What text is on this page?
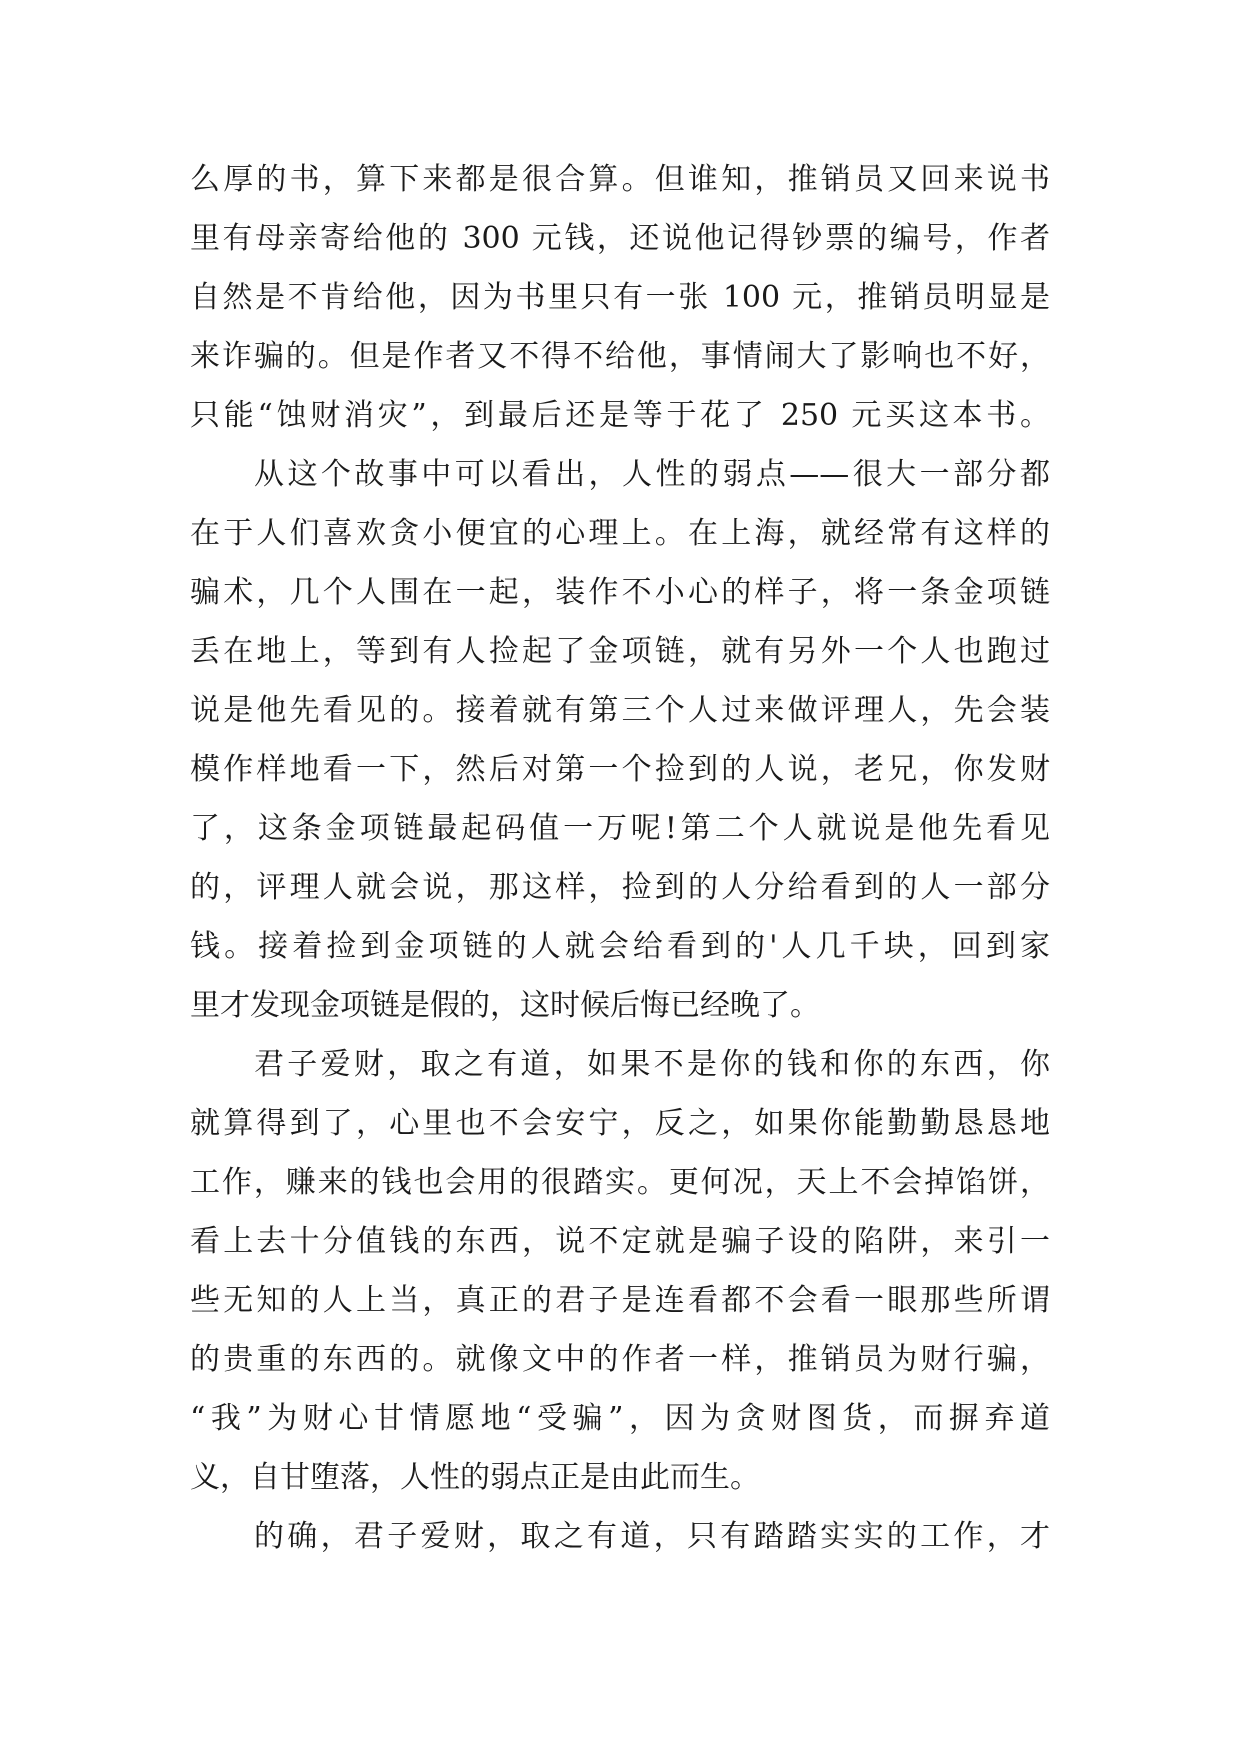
么厚的书，算下来都是很合算。但谁知，推销员又回来说书
里有母亲寄给他的 300 元钱，还说他记得钞票的编号，作者
自然是不肯给他，因为书里只有一张 100 元，推销员明显是
来诈骗的。但是作者又不得不给他，事情闹大了影响也不好，
只能“蚀财消灾”，到最后还是等于花了 250 元买这本书。
从这个故事中可以看出，人性的弱点——很大一部分都
在于人们喜欢贪小便宜的心理上。在上海，就经常有这样的
骗术，几个人围在一起，装作不小心的样子，将一条金项链
丢在地上，等到有人捡起了金项链，就有另外一个人也跑过
说是他先看见的。接着就有第三个人过来做评理人，先会装
模作样地看一下，然后对第一个捡到的人说，老兄，你发财
了，这条金项链最起码值一万呢!第二个人就说是他先看见
的，评理人就会说，那这样，捡到的人分给看到的人一部分
钱。接着捡到金项链的人就会给看到的'人几千块，回到家
里才发现金项链是假的，这时候后悔已经晚了。
君子爱财，取之有道，如果不是你的钱和你的东西，你
就算得到了，心里也不会安宁，反之，如果你能勤勤恳恳地
工作，赚来的钱也会用的很踏实。更何况，天上不会掉馅饼，
看上去十分值钱的东西，说不定就是骗子设的陷阱，来引一
些无知的人上当，真正的君子是连看都不会看一眼那些所谓
的贵重的东西的。就像文中的作者一样，推销员为财行骗，
“我”为财心甘情愿地“受骗”，因为贪财图货，而摒弃道
义，自甘堕落，人性的弱点正是由此而生。
的确，君子爱财，取之有道，只有踏踏实实的工作，才
